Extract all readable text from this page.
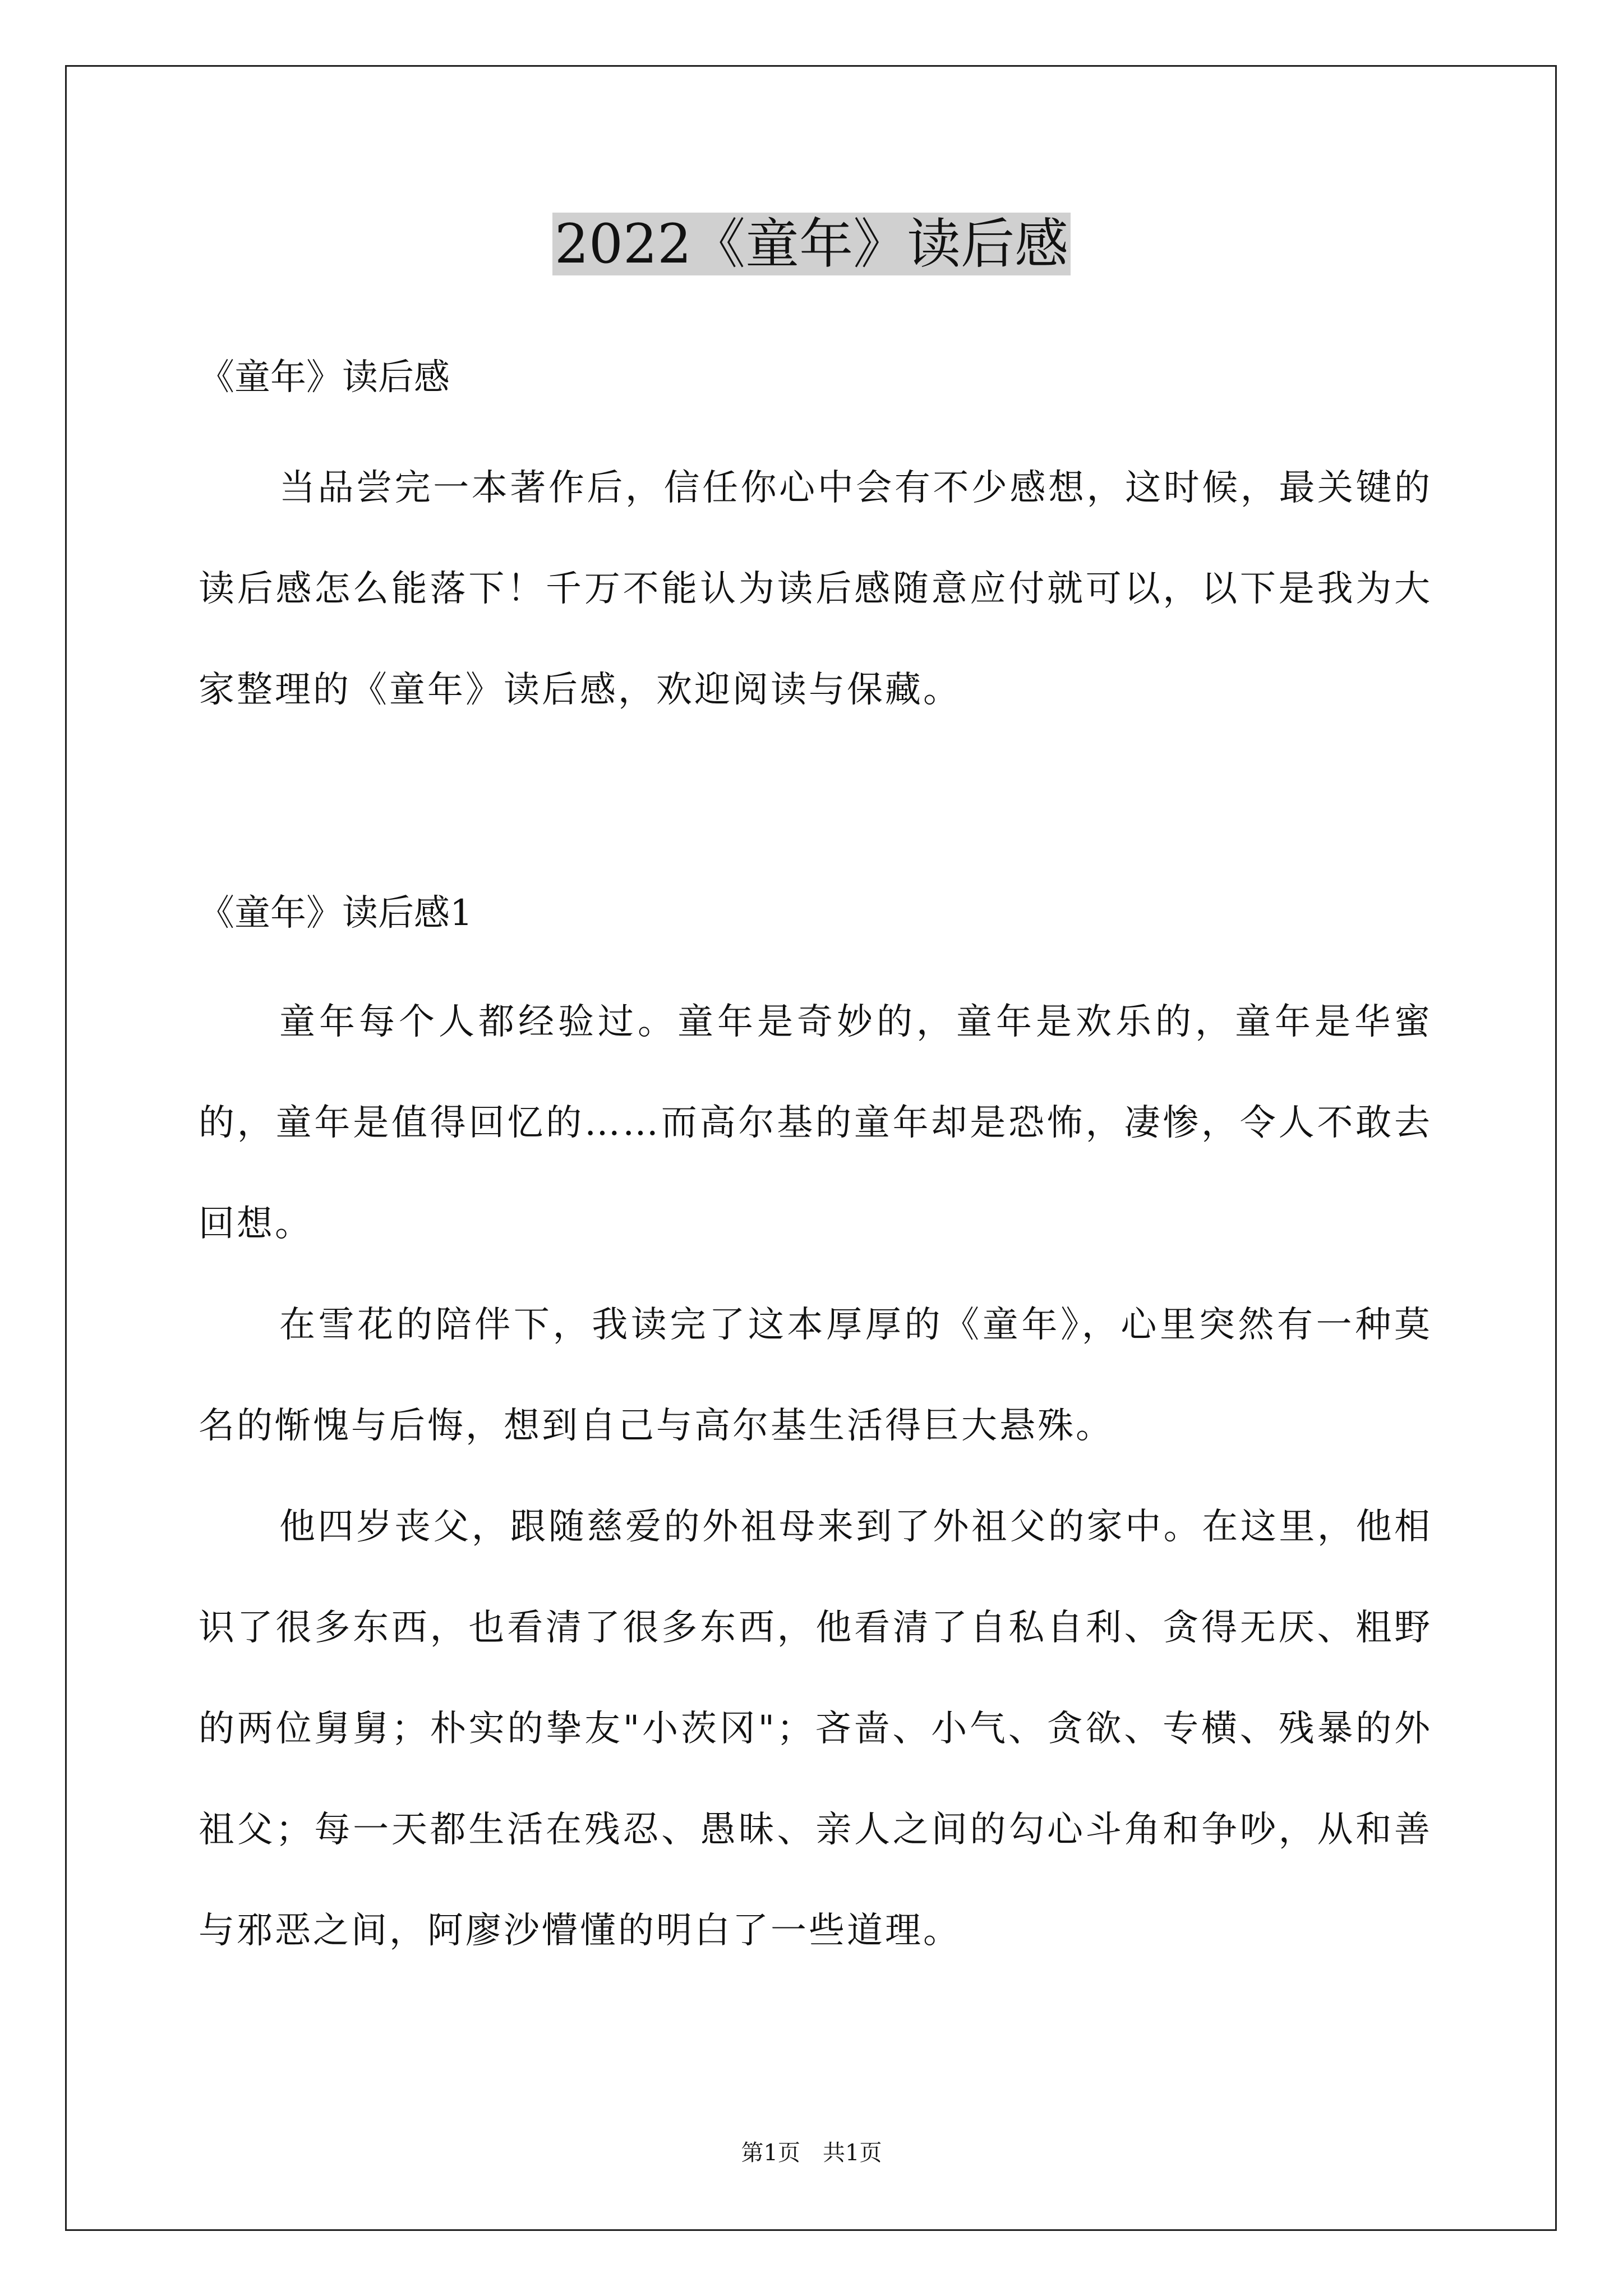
2022《童年》读后感

《童年》读后感

当品尝完一本著作后，信任你心中会有不少感想，这时候，最关键的读后感怎么能落下！千万不能认为读后感随意应付就可以，以下是我为大家整理的《童年》读后感，欢迎阅读与保藏。

《童年》读后感1

童年每个人都经验过。童年是奇妙的，童年是欢乐的，童年是华蜜的，童年是值得回忆的……而高尔基的童年却是恐怖，凄惨，令人不敢去回想。

在雪花的陪伴下，我读完了这本厚厚的《童年》，心里突然有一种莫名的惭愧与后悔，想到自己与高尔基生活得巨大悬殊。

他四岁丧父，跟随慈爱的外祖母来到了外祖父的家中。在这里，他相识了很多东西，也看清了很多东西，他看清了自私自利、贪得无厌、粗野的两位舅舅；朴实的挚友"小茨冈"；吝啬、小气、贪欲、专横、残暴的外祖父；每一天都生活在残忍、愚昧、亲人之间的勾心斗角和争吵，从和善与邪恶之间，阿廖沙懵懂的明白了一些道理。

第1页　共1页
